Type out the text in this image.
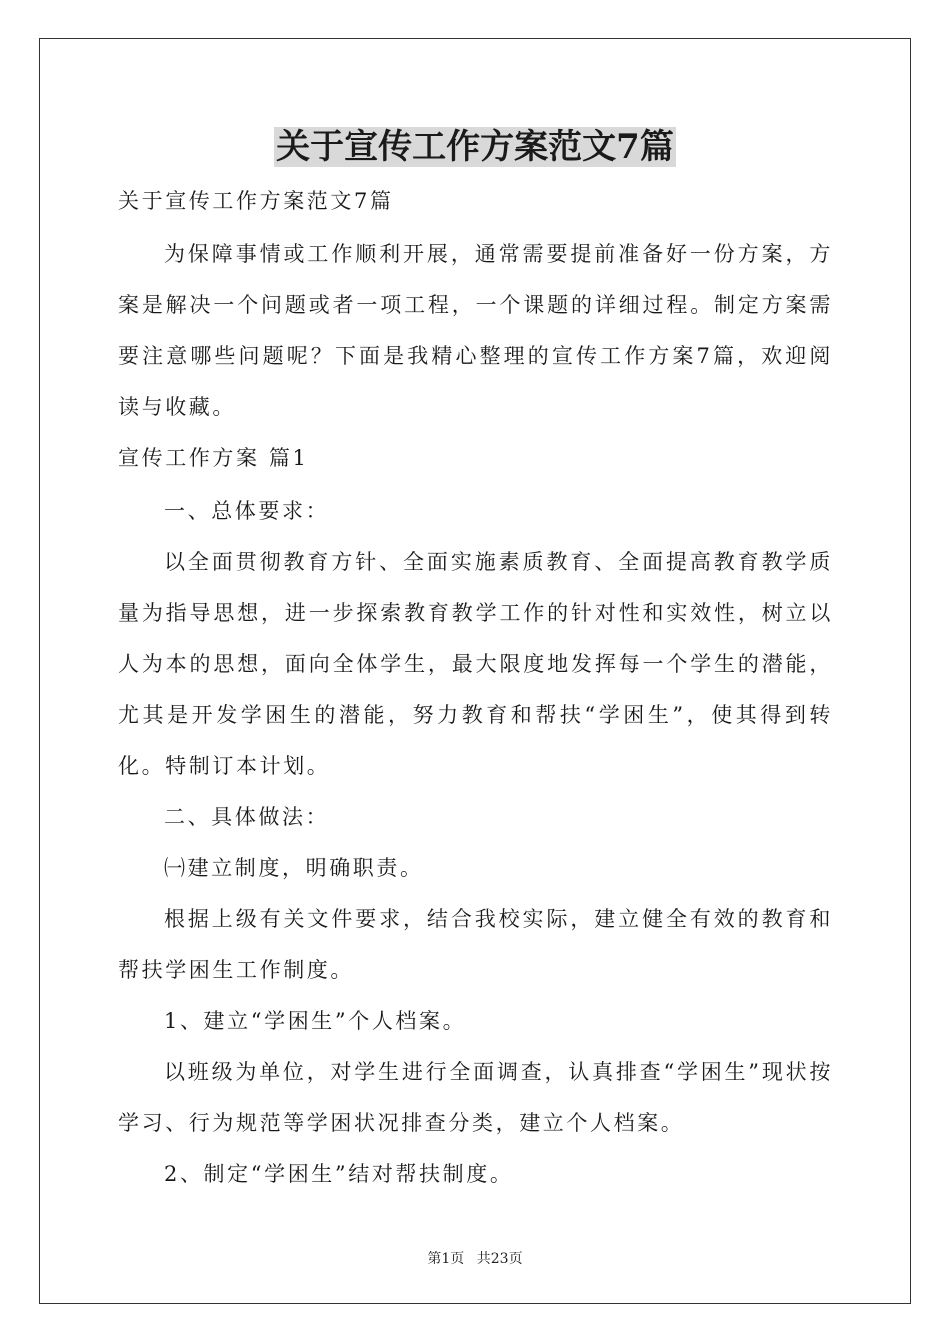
关于宣传工作方案范文7篇
关于宣传工作方案范文7篇

为保障事情或工作顺利开展，通常需要提前准备好一份方案，方案是解决一个问题或者一项工程，一个课题的详细过程。制定方案需要注意哪些问题呢？下面是我精心整理的宣传工作方案7篇，欢迎阅读与收藏。

宣传工作方案 篇1

一、总体要求：

以全面贯彻教育方针、全面实施素质教育、全面提高教育教学质量为指导思想，进一步探索教育教学工作的针对性和实效性，树立以人为本的思想，面向全体学生，最大限度地发挥每一个学生的潜能，尤其是开发学困生的潜能，努力教育和帮扶“学困生”，使其得到转化。特制订本计划。

二、具体做法：

㈠建立制度，明确职责。

根据上级有关文件要求，结合我校实际，建立健全有效的教育和帮扶学困生工作制度。

1、建立“学困生”个人档案。

以班级为单位，对学生进行全面调查，认真排查“学困生”现状按学习、行为规范等学困状况排查分类，建立个人档案。

2、制定“学困生”结对帮扶制度。

第1页 共23页
